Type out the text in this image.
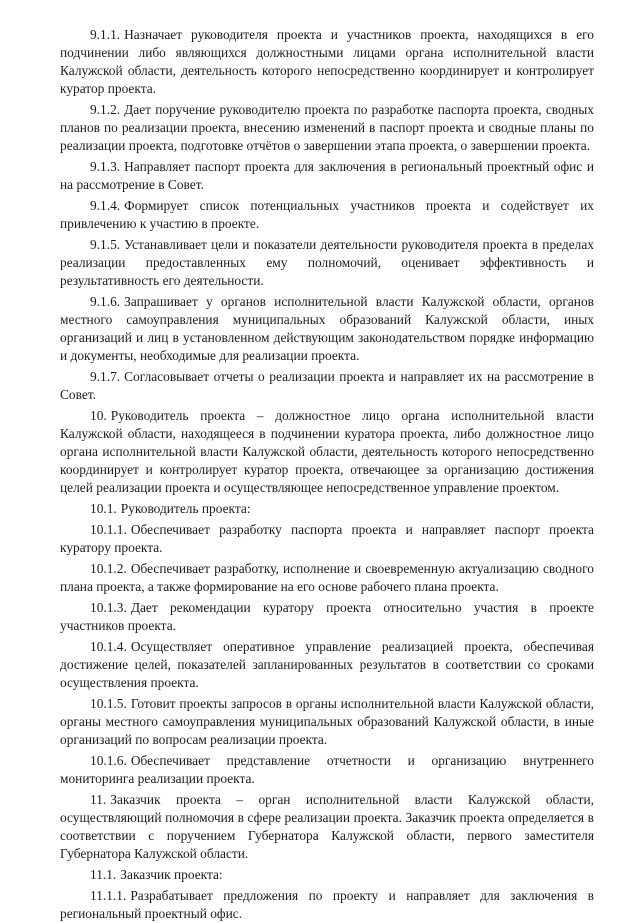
9.1.1. Назначает руководителя проекта и участников проекта, находящихся в его подчинении либо являющихся должностными лицами органа исполнительной власти Калужской области, деятельность которого непосредственно координирует и контролирует куратор проекта.

9.1.2. Дает поручение руководителю проекта по разработке паспорта проекта, сводных планов по реализации проекта, внесению изменений в паспорт проекта и сводные планы по реализации проекта, подготовке отчётов о завершении этапа проекта, о завершении проекта.

9.1.3. Направляет паспорт проекта для заключения в региональный проектный офис и на рассмотрение в Совет.

9.1.4. Формирует список потенциальных участников проекта и содействует их привлечению к участию в проекте.

9.1.5. Устанавливает цели и показатели деятельности руководителя проекта в пределах реализации предоставленных ему полномочий, оценивает эффективность и результативность его деятельности.

9.1.6. Запрашивает у органов исполнительной власти Калужской области, органов местного самоуправления муниципальных образований Калужской области, иных организаций и лиц в установленном действующим законодательством порядке информацию и документы, необходимые для реализации проекта.

9.1.7. Согласовывает отчеты о реализации проекта и направляет их на рассмотрение в Совет.

10. Руководитель проекта – должностное лицо органа исполнительной власти Калужской области, находящееся в подчинении куратора проекта, либо должностное лицо органа исполнительной власти Калужской области, деятельность которого непосредственно координирует и контролирует куратор проекта, отвечающее за организацию достижения целей реализации проекта и осуществляющее непосредственное управление проектом.

10.1. Руководитель проекта:

10.1.1. Обеспечивает разработку паспорта проекта и направляет паспорт проекта куратору проекта.

10.1.2. Обеспечивает разработку, исполнение и своевременную актуализацию сводного плана проекта, а также формирование на его основе рабочего плана проекта.

10.1.3. Дает рекомендации куратору проекта относительно участия в проекте участников проекта.

10.1.4. Осуществляет оперативное управление реализацией проекта, обеспечивая достижение целей, показателей запланированных результатов в соответствии со сроками осуществления проекта.

10.1.5. Готовит проекты запросов в органы исполнительной власти Калужской области, органы местного самоуправления муниципальных образований Калужской области, в иные организаций по вопросам реализации проекта.

10.1.6. Обеспечивает представление отчетности и организацию внутреннего мониторинга реализации проекта.

11. Заказчик проекта – орган исполнительной власти Калужской области, осуществляющий полномочия в сфере реализации проекта. Заказчик проекта определяется в соответствии с поручением Губернатора Калужской области, первого заместителя Губернатора Калужской области.

11.1. Заказчик проекта:

11.1.1. Разрабатывает предложения по проекту и направляет для заключения в региональный проектный офис.
